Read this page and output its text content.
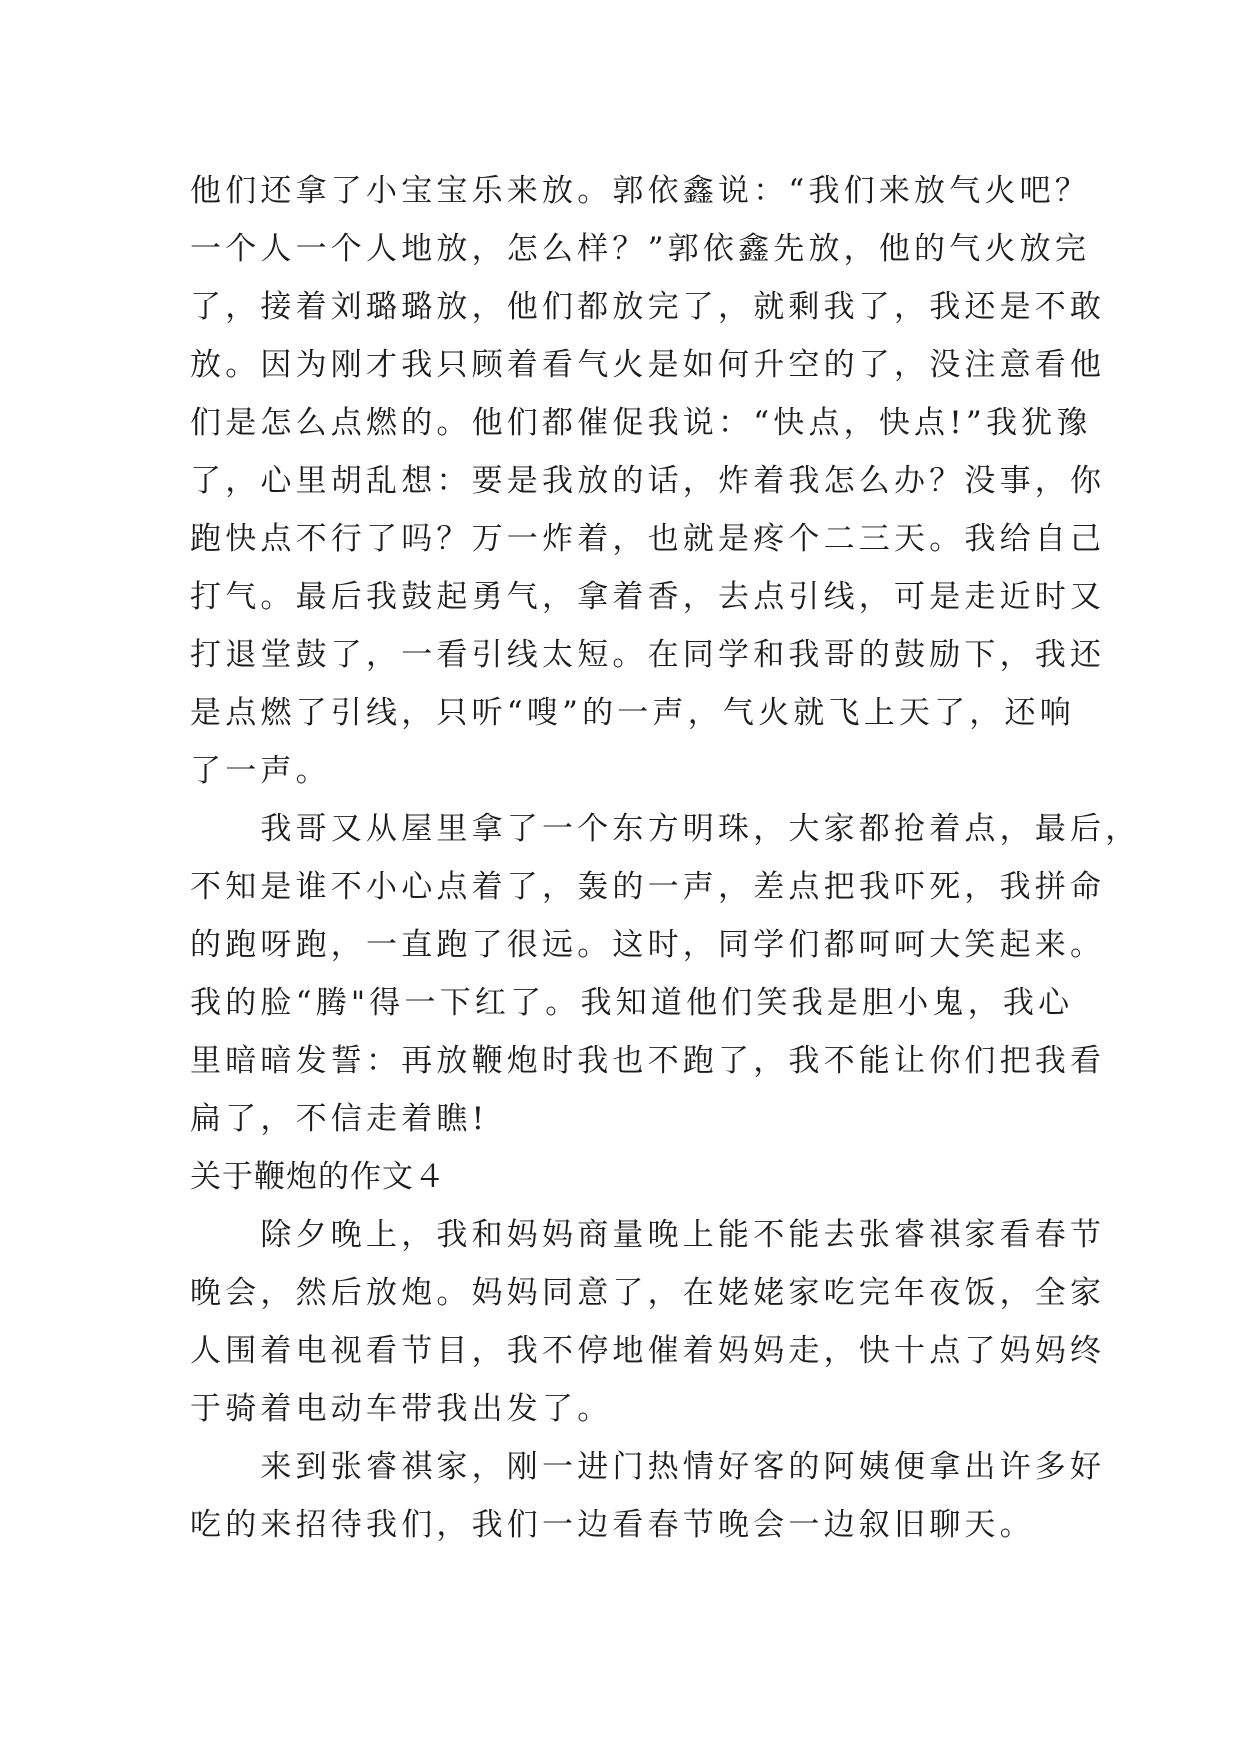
他们还拿了小宝宝乐来放。郭依鑫说：“我们来放气火吧？
一个人一个人地放，怎么样？”郭依鑫先放，他的气火放完
了，接着刘璐璐放，他们都放完了，就剩我了，我还是不敢
放。因为刚才我只顾着看气火是如何升空的了，没注意看他
们是怎么点燃的。他们都催促我说：“快点，快点!”我犹豫
了，心里胡乱想：要是我放的话，炸着我怎么办？没事，你
跑快点不行了吗？万一炸着，也就是疼个二三天。我给自己
打气。最后我鼓起勇气，拿着香，去点引线，可是走近时又
打退堂鼓了，一看引线太短。在同学和我哥的鼓励下，我还
是点燃了引线，只听“嗖”的一声，气火就飞上天了，还响
了一声。

　　我哥又从屋里拿了一个东方明珠，大家都抢着点，最后，
不知是谁不小心点着了，轰的一声，差点把我吓死，我拼命
的跑呀跑，一直跑了很远。这时，同学们都呵呵大笑起来。
我的脸“腾"得一下红了。我知道他们笑我是胆小鬼，我心
里暗暗发誓：再放鞭炮时我也不跑了，我不能让你们把我看
扁了，不信走着瞧!

关于鞭炮的作文４

　　除夕晚上，我和妈妈商量晚上能不能去张睿祺家看春节
晚会，然后放炮。妈妈同意了，在姥姥家吃完年夜饭，全家
人围着电视看节目，我不停地催着妈妈走，快十点了妈妈终
于骑着电动车带我出发了。

　　来到张睿祺家，刚一进门热情好客的阿姨便拿出许多好
吃的来招待我们，我们一边看春节晚会一边叙旧聊天。
